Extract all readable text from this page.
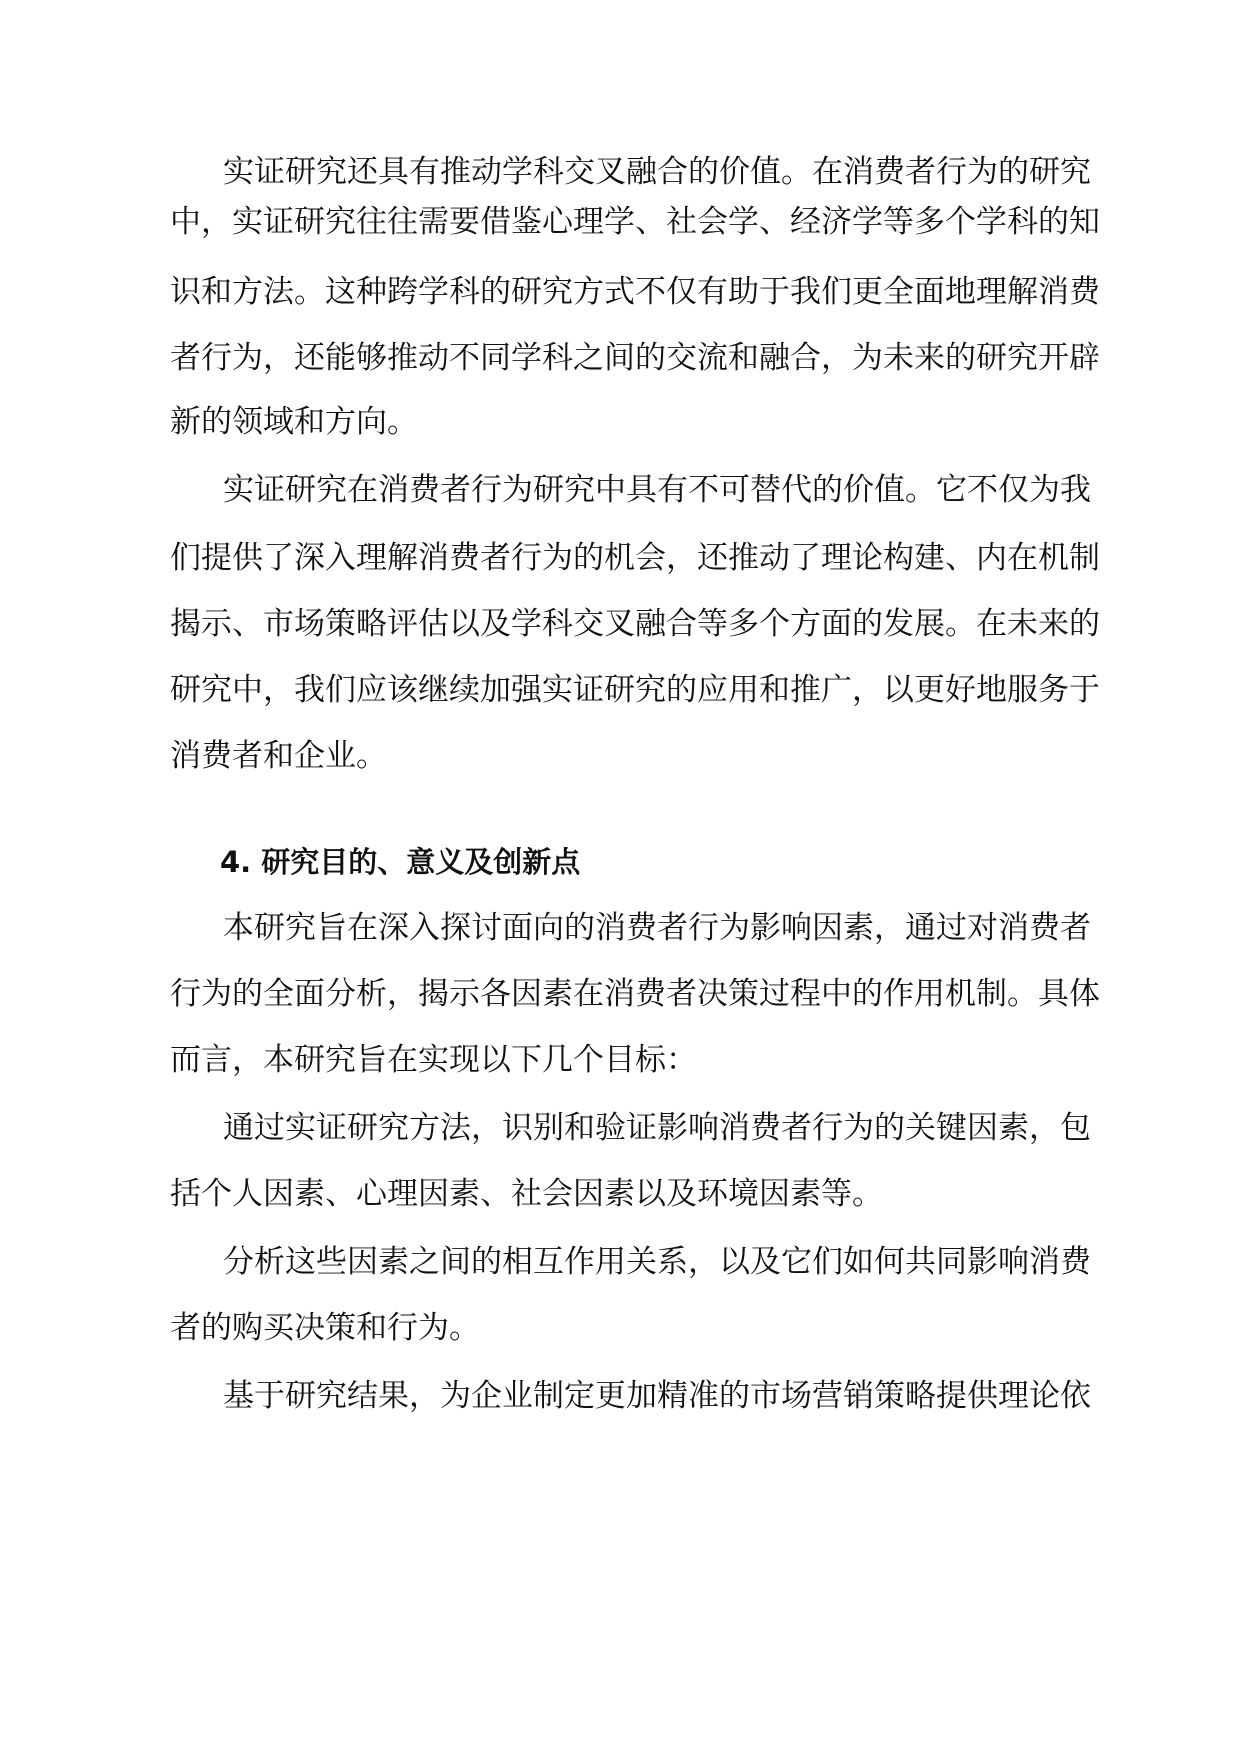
实证研究还具有推动学科交叉融合的价值。在消费者行为的研究
中，实证研究往往需要借鉴心理学、社会学、经济学等多个学科的知
识和方法。这种跨学科的研究方式不仅有助于我们更全面地理解消费
者行为，还能够推动不同学科之间的交流和融合，为未来的研究开辟
新的领域和方向。
实证研究在消费者行为研究中具有不可替代的价值。它不仅为我
们提供了深入理解消费者行为的机会，还推动了理论构建、内在机制
揭示、市场策略评估以及学科交叉融合等多个方面的发展。在未来的
研究中，我们应该继续加强实证研究的应用和推广，以更好地服务于
消费者和企业。
4. 研究目的、意义及创新点
本研究旨在深入探讨面向的消费者行为影响因素，通过对消费者
行为的全面分析，揭示各因素在消费者决策过程中的作用机制。具体
而言，本研究旨在实现以下几个目标：
通过实证研究方法，识别和验证影响消费者行为的关键因素，包
括个人因素、心理因素、社会因素以及环境因素等。
分析这些因素之间的相互作用关系，以及它们如何共同影响消费
者的购买决策和行为。
基于研究结果，为企业制定更加精准的市场营销策略提供理论依
